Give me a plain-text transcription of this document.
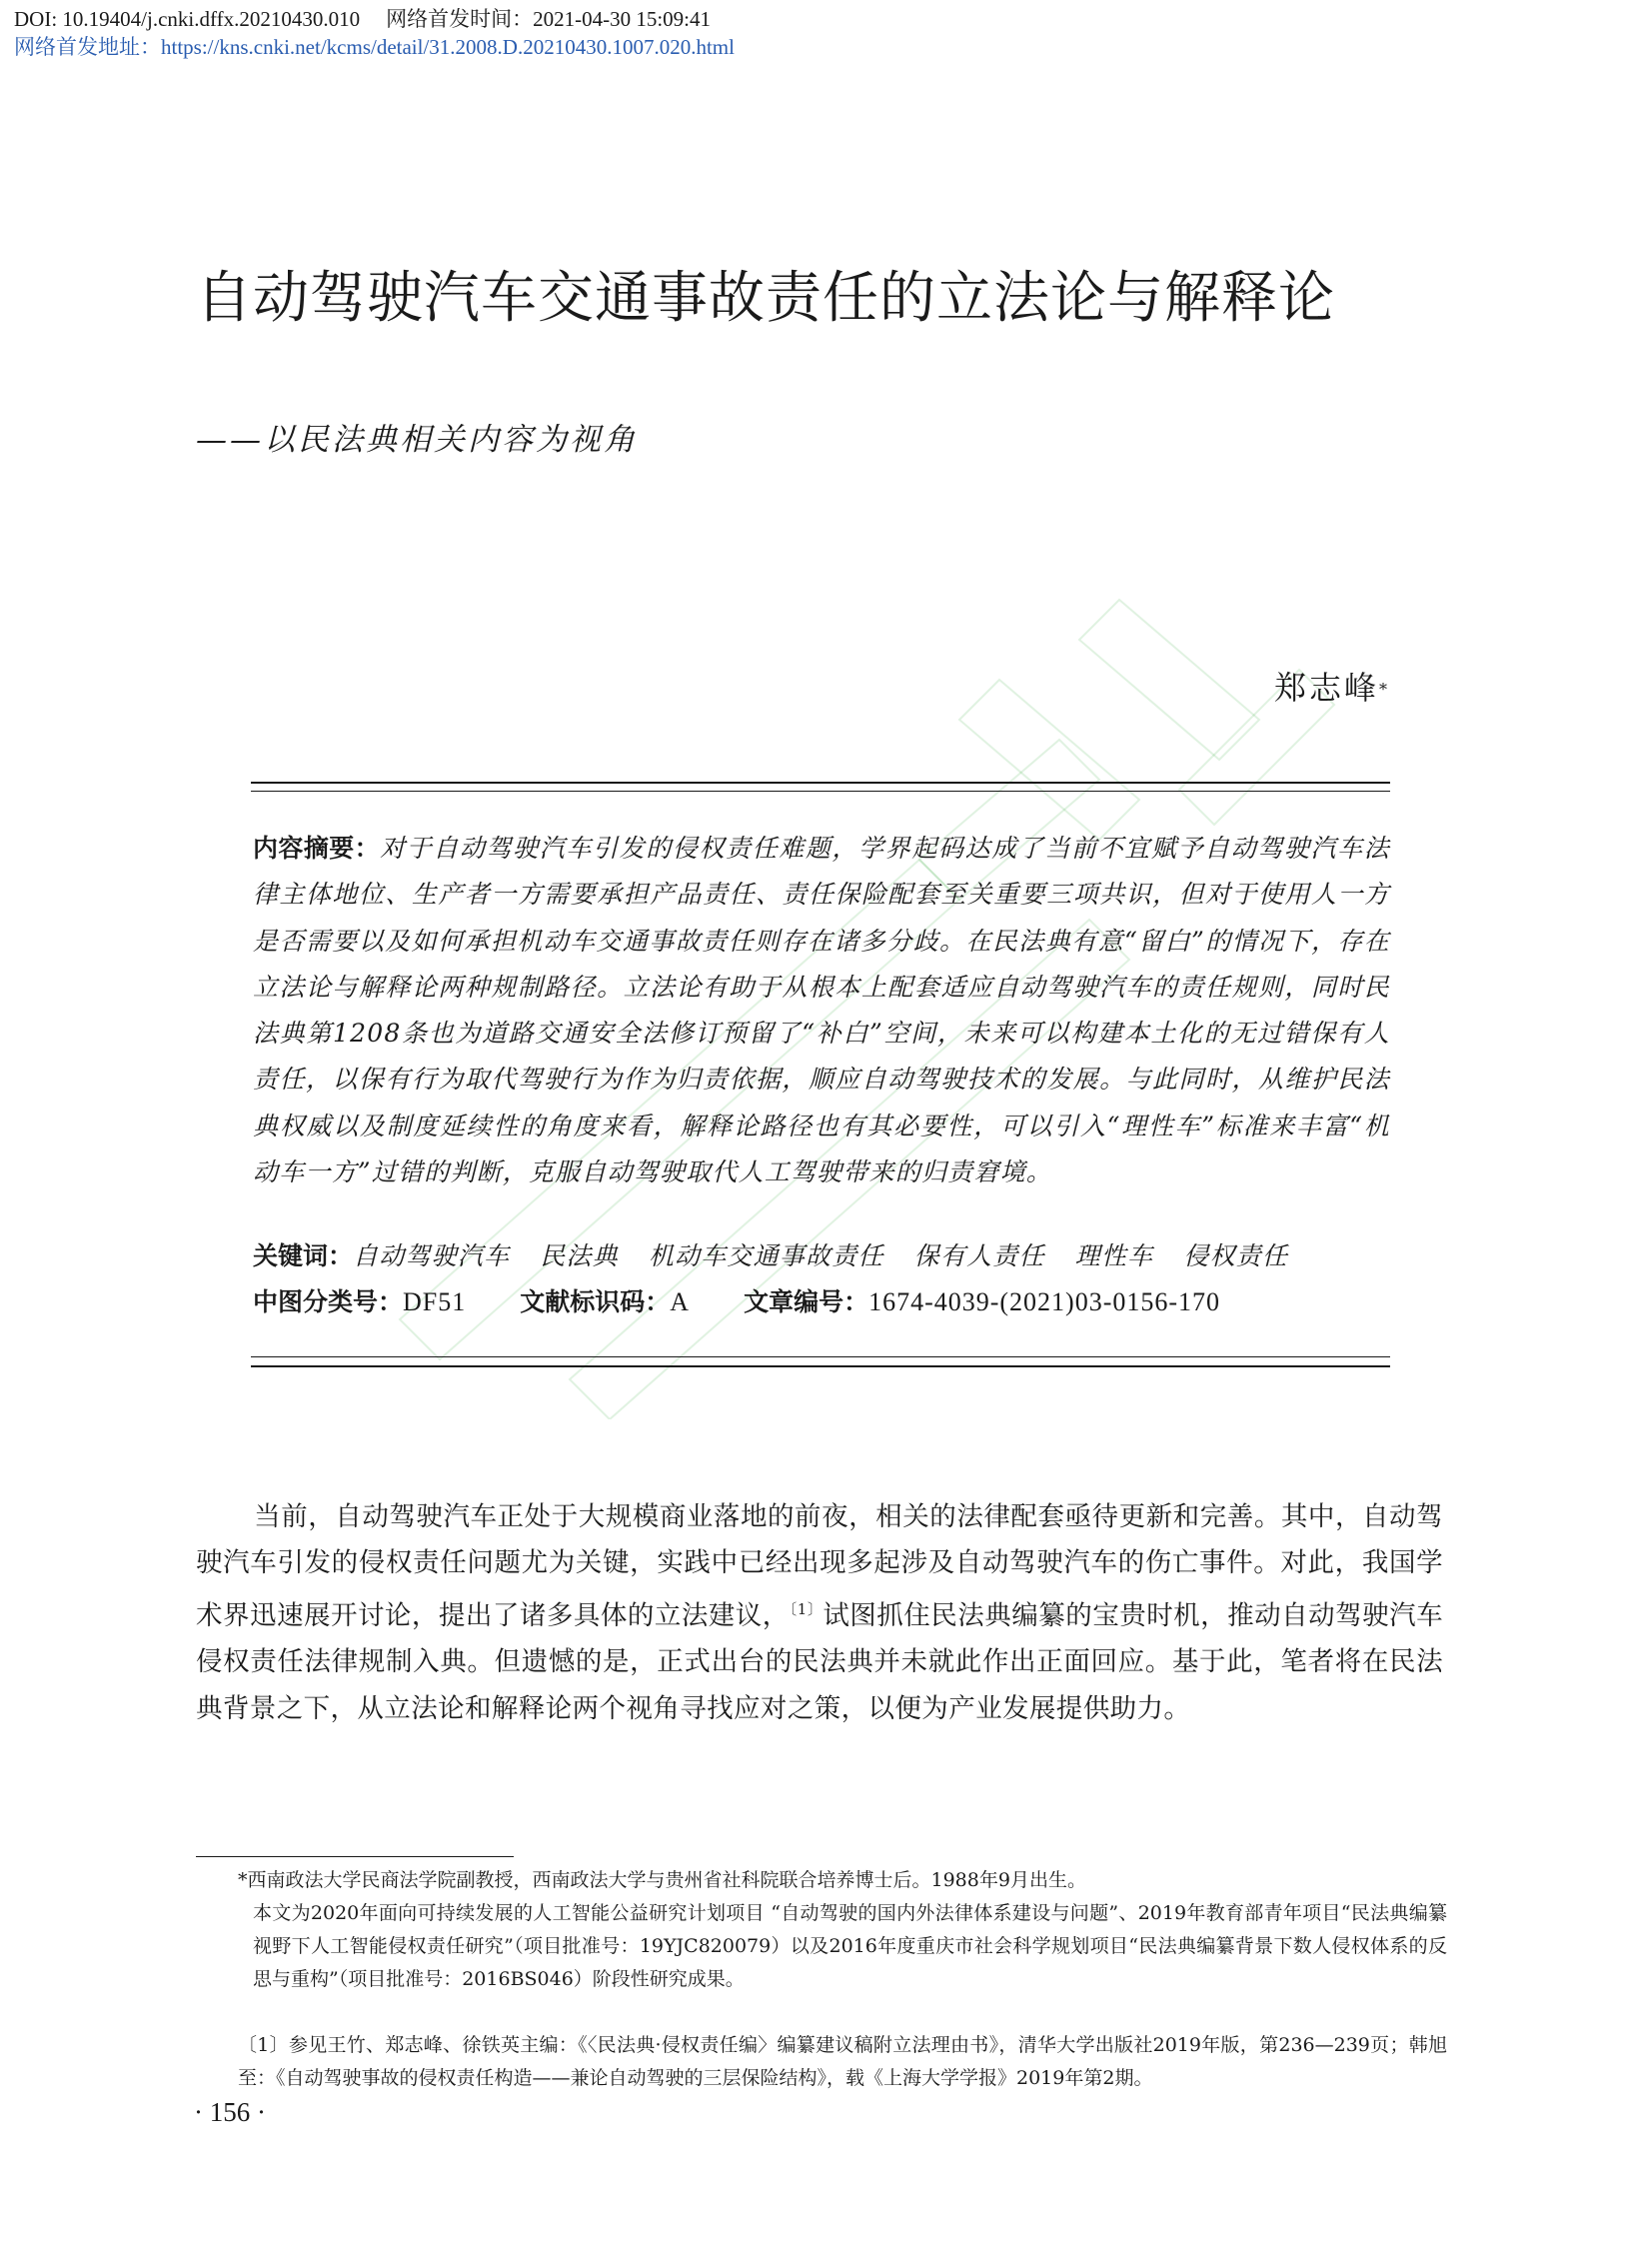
DOI: 10.19404/j.cnki.dffx.20210430.010 网络首发时间：2021-04-30 15:09:41
网络首发地址：https://kns.cnki.net/kcms/detail/31.2008.D.20210430.1007.020.html
自动驾驶汽车交通事故责任的立法论与解释论
——以民法典相关内容为视角
郑志峰*
内容摘要：对于自动驾驶汽车引发的侵权责任难题，学界起码达成了当前不宜赋予自动驾驶汽车法律主体地位、生产者一方需要承担产品责任、责任保险配套至关重要三项共识，但对于使用人一方是否需要以及如何承担机动车交通事故责任则存在诸多分歧。在民法典有意“留白”的情况下，存在立法论与解释论两种规制路径。立法论有助于从根本上配套适应自动驾驶汽车的责任规则，同时民法典第1208条也为道路交通安全法修订预留了“补白”空间，未来可以构建本土化的无过错保有人责任，以保有行为取代驾驶行为作为归责依据，顺应自动驾驶技术的发展。与此同时，从维护民法典权威以及制度延续性的角度来看，解释论路径也有其必要性，可以引入“理性车”标准来丰富“机动车一方”过错的判断，克服自动驾驶取代人工驾驶带来的归责窘境。
关键词：自动驾驶汽车 民法典 机动车交通事故责任 保有人责任 理性车 侵权责任
中图分类号：DF51 文献标识码：A 文章编号：1674-4039-(2021)03-0156-170
当前，自动驾驶汽车正处于大规模商业落地的前夜，相关的法律配套亟待更新和完善。其中，自动驾驶汽车引发的侵权责任问题尤为关键，实践中已经出现多起涉及自动驾驶汽车的伤亡事件。对此，我国学术界迅速展开讨论，提出了诸多具体的立法建议，$^{〔1〕}$试图抓住民法典编纂的宝贵时机，推动自动驾驶汽车侵权责任法律规制入典。但遗憾的是，正式出台的民法典并未就此作出正面回应。基于此，笔者将在民法典背景之下，从立法论和解释论两个视角寻找应对之策，以便为产业发展提供助力。
*西南政法大学民商法学院副教授，西南政法大学与贵州省社科院联合培养博士后。1988年9月出生。
本文为2020年面向可持续发展的人工智能公益研究计划项目 “自动驾驶的国内外法律体系建设与问题”、2019年教育部青年项目“民法典编纂视野下人工智能侵权责任研究”（项目批准号：19YJC820079）以及2016年度重庆市社会科学规划项目“民法典编纂背景下数人侵权体系的反思与重构”（项目批准号：2016BS046）阶段性研究成果。
〔1〕参见王竹、郑志峰、徐铁英主编：《〈民法典·侵权责任编〉编纂建议稿附立法理由书》，清华大学出版社2019年版，第236—239页；韩旭至：《自动驾驶事故的侵权责任构造——兼论自动驾驶的三层保险结构》，载《上海大学学报》2019年第2期。
· 156 ·
